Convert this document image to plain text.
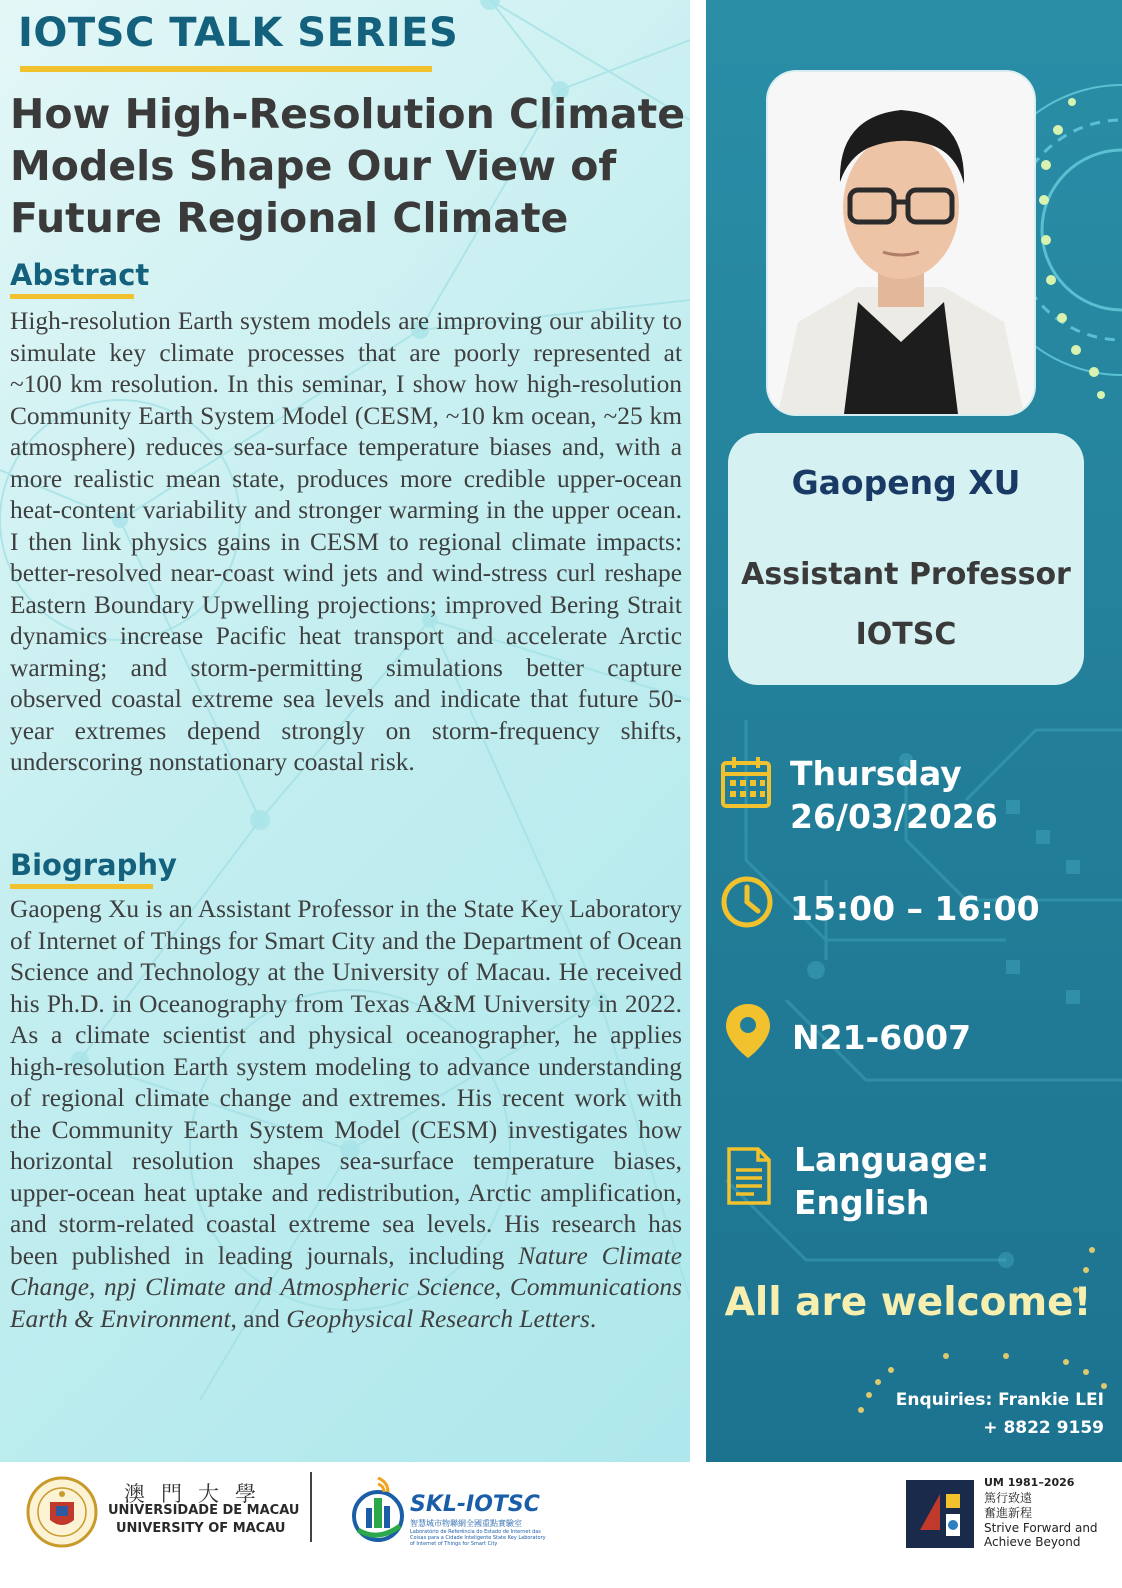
IOTSC TALK SERIES
How High-Resolution Climate
Models Shape Our View of
Future Regional Climate
Abstract
High-resolution Earth system models are improving our ability to simulate key climate processes that are poorly represented at ~100 km resolution. In this seminar, I show how high-resolution Community Earth System Model (CESM, ~10 km ocean, ~25 km atmosphere) reduces sea-surface temperature biases and, with a more realistic mean state, produces more credible upper-ocean heat-content variability and stronger warming in the upper ocean. I then link physics gains in CESM to regional climate impacts: better-resolved near-coast wind jets and wind-stress curl reshape Eastern Boundary Upwelling projections; improved Bering Strait dynamics increase Pacific heat transport and accelerate Arctic warming; and storm-permitting simulations better capture observed coastal extreme sea levels and indicate that future 50-year extremes depend strongly on storm-frequency shifts, underscoring nonstationary coastal risk.
Biography
Gaopeng Xu is an Assistant Professor in the State Key Laboratory of Internet of Things for Smart City and the Department of Ocean Science and Technology at the University of Macau. He received his Ph.D. in Oceanography from Texas A&M University in 2022. As a climate scientist and physical oceanographer, he applies high-resolution Earth system modeling to advance understanding of regional climate change and extremes. His recent work with the Community Earth System Model (CESM) investigates how horizontal resolution shapes sea-surface temperature biases, upper-ocean heat uptake and redistribution, Arctic amplification, and storm-related coastal extreme sea levels. His research has been published in leading journals, including Nature Climate Change, npj Climate and Atmospheric Science, Communications Earth & Environment, and Geophysical Research Letters.
Gaopeng XU
Assistant Professor
IOTSC
Thursday
26/03/2026
15:00 – 16:00
N21-6007
Language:
English
All are welcome!
Enquiries: Frankie LEI
+ 8822 9159
澳門大學
UNIVERSIDADE DE MACAU
UNIVERSITY OF MACAU
SKL-IOTSC
智慧城市物聯網全國重點實驗室
Laboratório de Referência do Estado de Internet das Coisas para a Cidade Inteligente State Key Laboratory of Internet of Things for Smart City
UM 1981–2026
篤行致遠
奮進新程
Strive Forward and
Achieve Beyond
